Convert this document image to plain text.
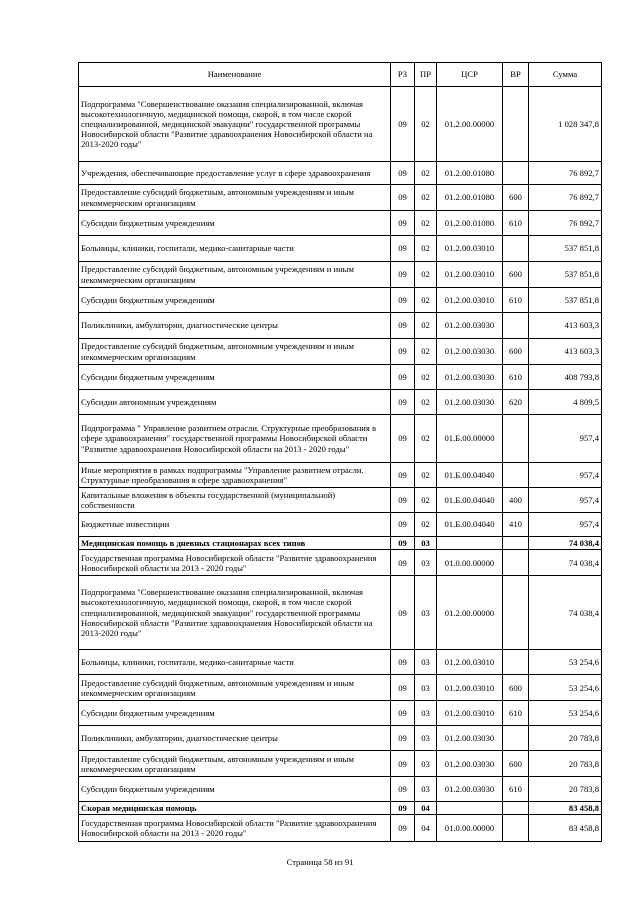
Наименование	РЗ	ПР	ЦСР	ВР	Сумма
Подпрограмма "Совершенствование оказания специализированной, включая высокотехнологичную, медицинской помощи, скорой, в том числе скорой специализированной, медицинской эвакуации" государственной программы Новосибирской области "Развитие здравоохранения Новосибирской области на 2013-2020 годы"	09	02	01.2.00.00000		1 028 347,8
Учреждения, обеспечивающие предоставление услуг в сфере здравоохранения	09	02	01.2.00.01080		76 892,7
Предоставление субсидий бюджетным, автономным учреждениям и иным некоммерческим организациям	09	02	01.2.00.01080	600	76 892,7
Субсидии бюджетным учреждениям	09	02	01.2.00.01080	610	76 892,7
Больницы, клиники, госпитали, медико-санитарные части	09	02	01.2.00.03010		537 851,8
Предоставление субсидий бюджетным, автономным учреждениям и иным некоммерческим организациям	09	02	01.2.00.03010	600	537 851,8
Субсидии бюджетным учреждениям	09	02	01.2.00.03010	610	537 851,8
Поликлиники, амбулатории, диагностические центры	09	02	01.2.00.03030		413 603,3
Предоставление субсидий бюджетным, автономным учреждениям и иным некоммерческим организациям	09	02	01.2.00.03030	600	413 603,3
Субсидии бюджетным учреждениям	09	02	01.2.00.03030	610	408 793,8
Субсидии автономным учреждениям	09	02	01.2.00.03030	620	4 809,5
Подпрограмма " Управление развитием отрасли. Структурные преобразования в сфере здравоохранения" государственной программы Новосибирской области "Развитие здравоохранения Новосибирской области на 2013 - 2020 годы"	09	02	01.Б.00.00000		957,4
Иные мероприятия в рамках подпрограммы "Управление развитием отрасли. Структурные преобразования в сфере здравоохранения"	09	02	01.Б.00.04040		957,4
Капитальные вложения в объекты государственной (муниципальной) собственности	09	02	01.Б.00.04040	400	957,4
Бюджетные инвестиции	09	02	01.Б.00.04040	410	957,4
Медицинская помощь в дневных стационарах всех типов	09	03			74 038,4
Государственная программа Новосибирской области "Развитие здравоохранения Новосибирской области на 2013 - 2020 годы"	09	03	01.0.00.00000		74 038,4
Подпрограмма "Совершенствование оказания специализированной, включая высокотехнологичную, медицинской помощи, скорой, в том числе скорой специализированной, медицинской эвакуации" государственной программы Новосибирской области "Развитие здравоохранения Новосибирской области на 2013-2020 годы"	09	03	01.2.00.00000		74 038,4
Больницы, клиники, госпитали, медико-санитарные части	09	03	01.2.00.03010		53 254,6
Предоставление субсидий бюджетным, автономным учреждениям и иным некоммерческим организациям	09	03	01.2.00.03010	600	53 254,6
Субсидии бюджетным учреждениям	09	03	01.2.00.03010	610	53 254,6
Поликлиники, амбулатории, диагностические центры	09	03	01.2.00.03030		20 783,8
Предоставление субсидий бюджетным, автономным учреждениям и иным некоммерческим организациям	09	03	01.2.00.03030	600	20 783,8
Субсидии бюджетным учреждениям	09	03	01.2.00.03030	610	20 783,8
Скорая медицинская помощь	09	04			83 458,8
Государственная программа Новосибирской области "Развитие здравоохранения Новосибирской области на 2013 - 2020 годы"	09	04	01.0.00.00000		83 458,8
Страница 58 из 91
